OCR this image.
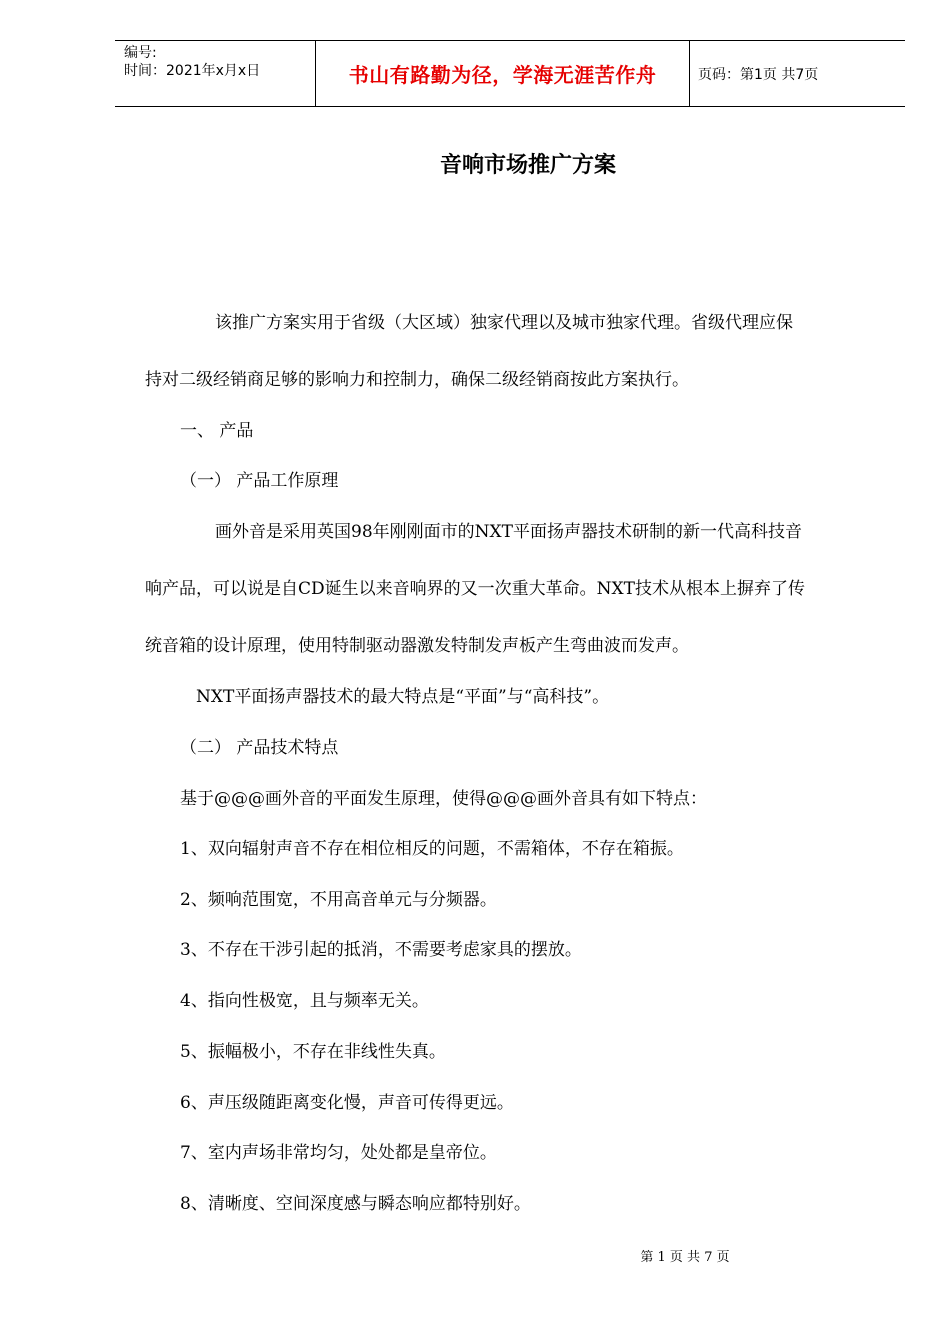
编号:
时间：2021年x月x日	书山有路勤为径，学海无涯苦作舟	页码：第1页 共7页
音响市场推广方案
该推广方案实用于省级（大区域）独家代理以及城市独家代理。省级代理应保
持对二级经销商足够的影响力和控制力，确保二级经销商按此方案执行。
一、 产品
（一） 产品工作原理
画外音是采用英国98年刚刚面市的NXT平面扬声器技术研制的新一代高科技音
响产品，可以说是自CD诞生以来音响界的又一次重大革命。NXT技术从根本上摒弃了传
统音箱的设计原理，使用特制驱动器激发特制发声板产生弯曲波而发声。
NXT平面扬声器技术的最大特点是“平面”与“高科技”。
（二） 产品技术特点
基于@@@画外音的平面发生原理，使得@@@画外音具有如下特点：
1、双向辐射声音不存在相位相反的问题，不需箱体，不存在箱振。
2、频响范围宽，不用高音单元与分频器。
3、不存在干涉引起的抵消，不需要考虑家具的摆放。
4、指向性极宽，且与频率无关。
5、振幅极小，不存在非线性失真。
6、声压级随距离变化慢，声音可传得更远。
7、室内声场非常均匀，处处都是皇帝位。
8、清晰度、空间深度感与瞬态响应都特别好。
第 1 页 共 7 页
